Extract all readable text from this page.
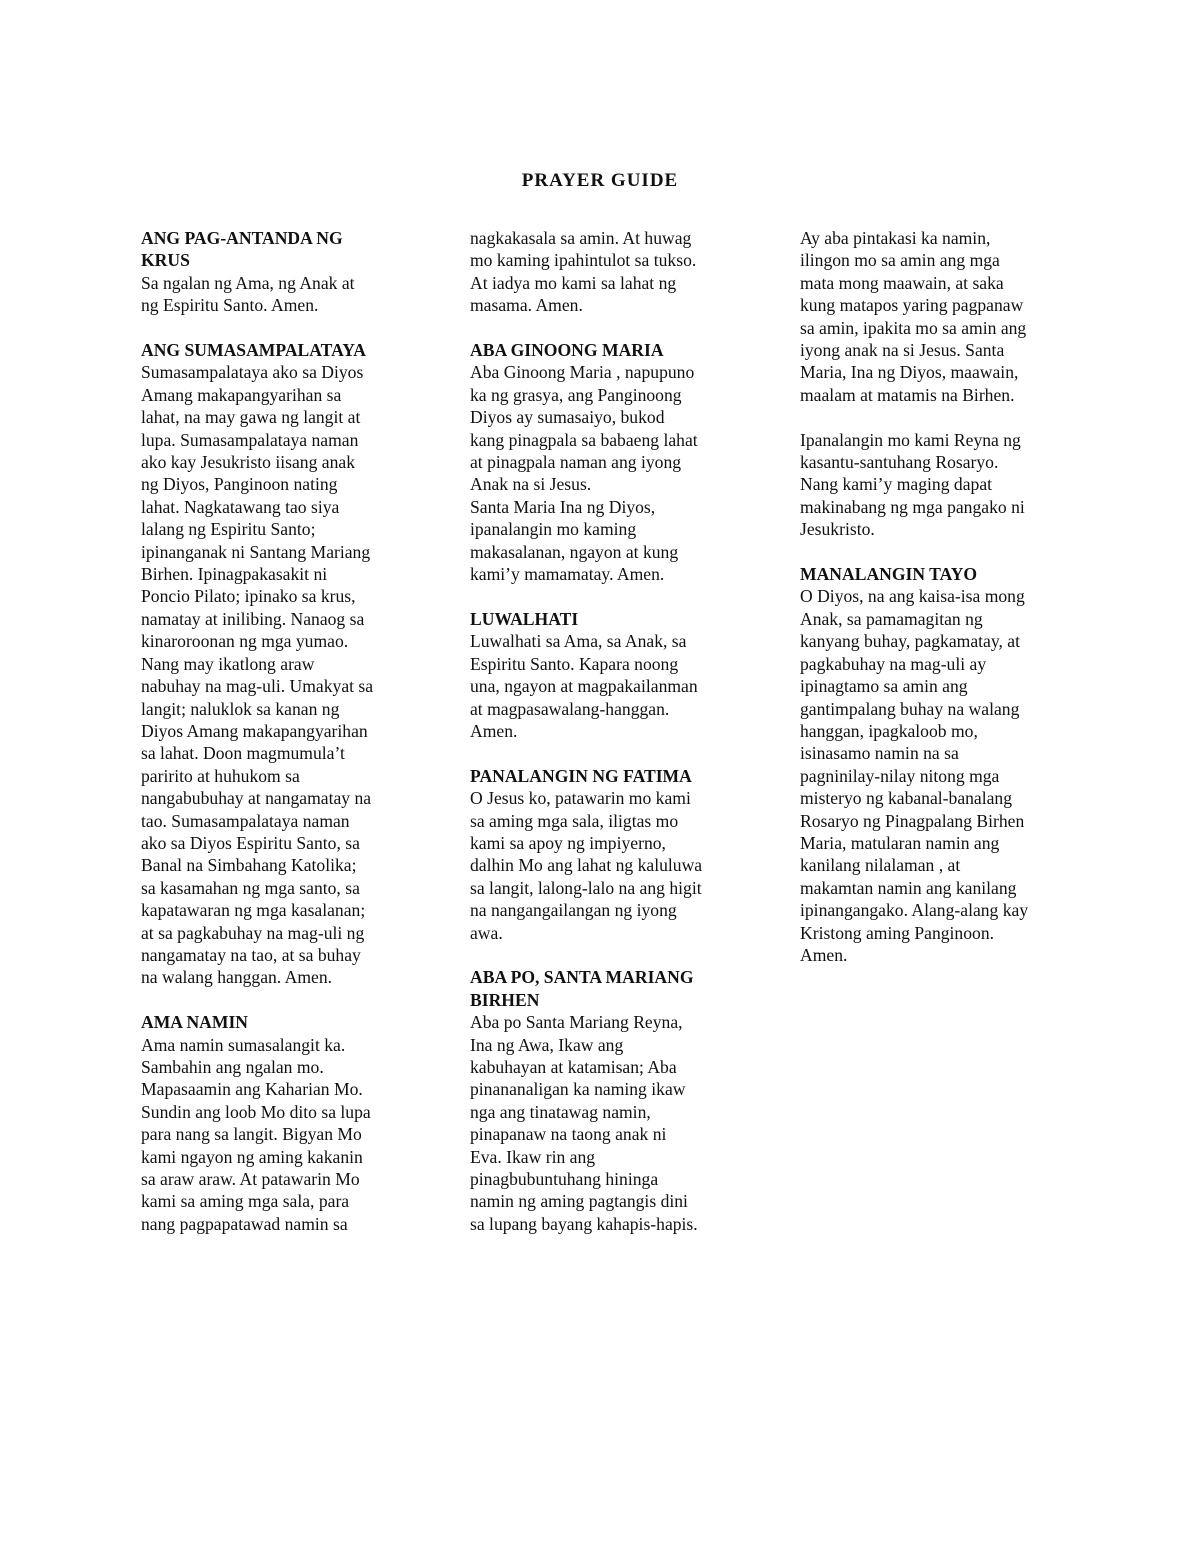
PRAYER GUIDE

ANG PAG-ANTANDA NG
KRUS

Sa ngalan ng Ama, ng Anak at
ng Espiritu Santo. Amen.

ANG SUMASAMPALATAYA

Sumasampalataya ako sa Diyos
Amang makapangyarihan sa
lahat, na may gawa ng langit at
lupa. Sumasampalataya naman
ako kay Jesukristo iisang anak
ng Diyos, Panginoon nating
lahat. Nagkatawang tao siya
lalang ng Espiritu Santo;
ipinanganak ni Santang Mariang
Birhen. Ipinagpakasakit ni
Poncio Pilato; ipinako sa krus,
namatay at inilibing. Nanaog sa
kinaroroonan ng mga yumao.
Nang may ikatlong araw
nabuhay na mag-uli. Umakyat sa
langit; naluklok sa kanan ng
Diyos Amang makapangyarihan
sa lahat. Doon magmumula’t
paririto at huhukom sa
nangabubuhay at nangamatay na
tao. Sumasampalataya naman
ako sa Diyos Espiritu Santo, sa
Banal na Simbahang Katolika;
sa kasamahan ng mga santo, sa
kapatawaran ng mga kasalanan;
at sa pagkabuhay na mag-uli ng
nangamatay na tao, at sa buhay
na walang hanggan. Amen.

AMA NAMIN

Ama namin sumasalangit ka.
Sambahin ang ngalan mo.
Mapasaamin ang Kaharian Mo.
Sundin ang loob Mo dito sa lupa
para nang sa langit. Bigyan Mo
kami ngayon ng aming kakanin
sa araw araw. At patawarin Mo
kami sa aming mga sala, para
nang pagpapatawad namin sa

nagkakasala sa amin. At huwag
mo kaming ipahintulot sa tukso.
At iadya mo kami sa lahat ng
masama. Amen.

ABA GINOONG MARIA

Aba Ginoong Maria , napupuno
ka ng grasya, ang Panginoong
Diyos ay sumasaiyo, bukod
kang pinagpala sa babaeng lahat
at pinagpala naman ang iyong
Anak na si Jesus.

Santa Maria Ina ng Diyos,
ipanalangin mo kaming
makasalanan, ngayon at kung
kami’y mamamatay. Amen.

LUWALHATI

Luwalhati sa Ama, sa Anak, sa
Espiritu Santo. Kapara noong
una, ngayon at magpakailanman
at magpasawalang-hanggan.
Amen.

PANALANGIN NG FATIMA

O Jesus ko, patawarin mo kami
sa aming mga sala, iligtas mo
kami sa apoy ng impiyerno,
dalhin Mo ang lahat ng kaluluwa
sa langit, lalong-lalo na ang higit
na nangangailangan ng iyong
awa.

ABA PO, SANTA MARIANG
BIRHEN

Aba po Santa Mariang Reyna,
Ina ng Awa, Ikaw ang
kabuhayan at katamisan; Aba
pinananaligan ka naming ikaw
nga ang tinatawag namin,
pinapanaw na taong anak ni
Eva. Ikaw rin ang
pinagbubuntuhang hininga
namin ng aming pagtangis dini
sa lupang bayang kahapis-hapis.

Ay aba pintakasi ka namin,
ilingon mo sa amin ang mga
mata mong maawain, at saka
kung matapos yaring pagpanaw
sa amin, ipakita mo sa amin ang
iyong anak na si Jesus. Santa
Maria, Ina ng Diyos, maawain,
maalam at matamis na Birhen.

Ipanalangin mo kami Reyna ng
kasantu-santuhang Rosaryo.
Nang kami’y maging dapat
makinabang ng mga pangako ni
Jesukristo.

MANALANGIN TAYO

O Diyos, na ang kaisa-isa mong
Anak, sa pamamagitan ng
kanyang buhay, pagkamatay, at
pagkabuhay na mag-uli ay
ipinagtamo sa amin ang
gantimpalang buhay na walang
hanggan, ipagkaloob mo,
isinasamo namin na sa
pagninilay-nilay nitong mga
misteryo ng kabanal-banalang
Rosaryo ng Pinagpalang Birhen
Maria, matularan namin ang
kanilang nilalaman , at
makamtan namin ang kanilang
ipinangangako. Alang-alang kay
Kristong aming Panginoon.
Amen.
